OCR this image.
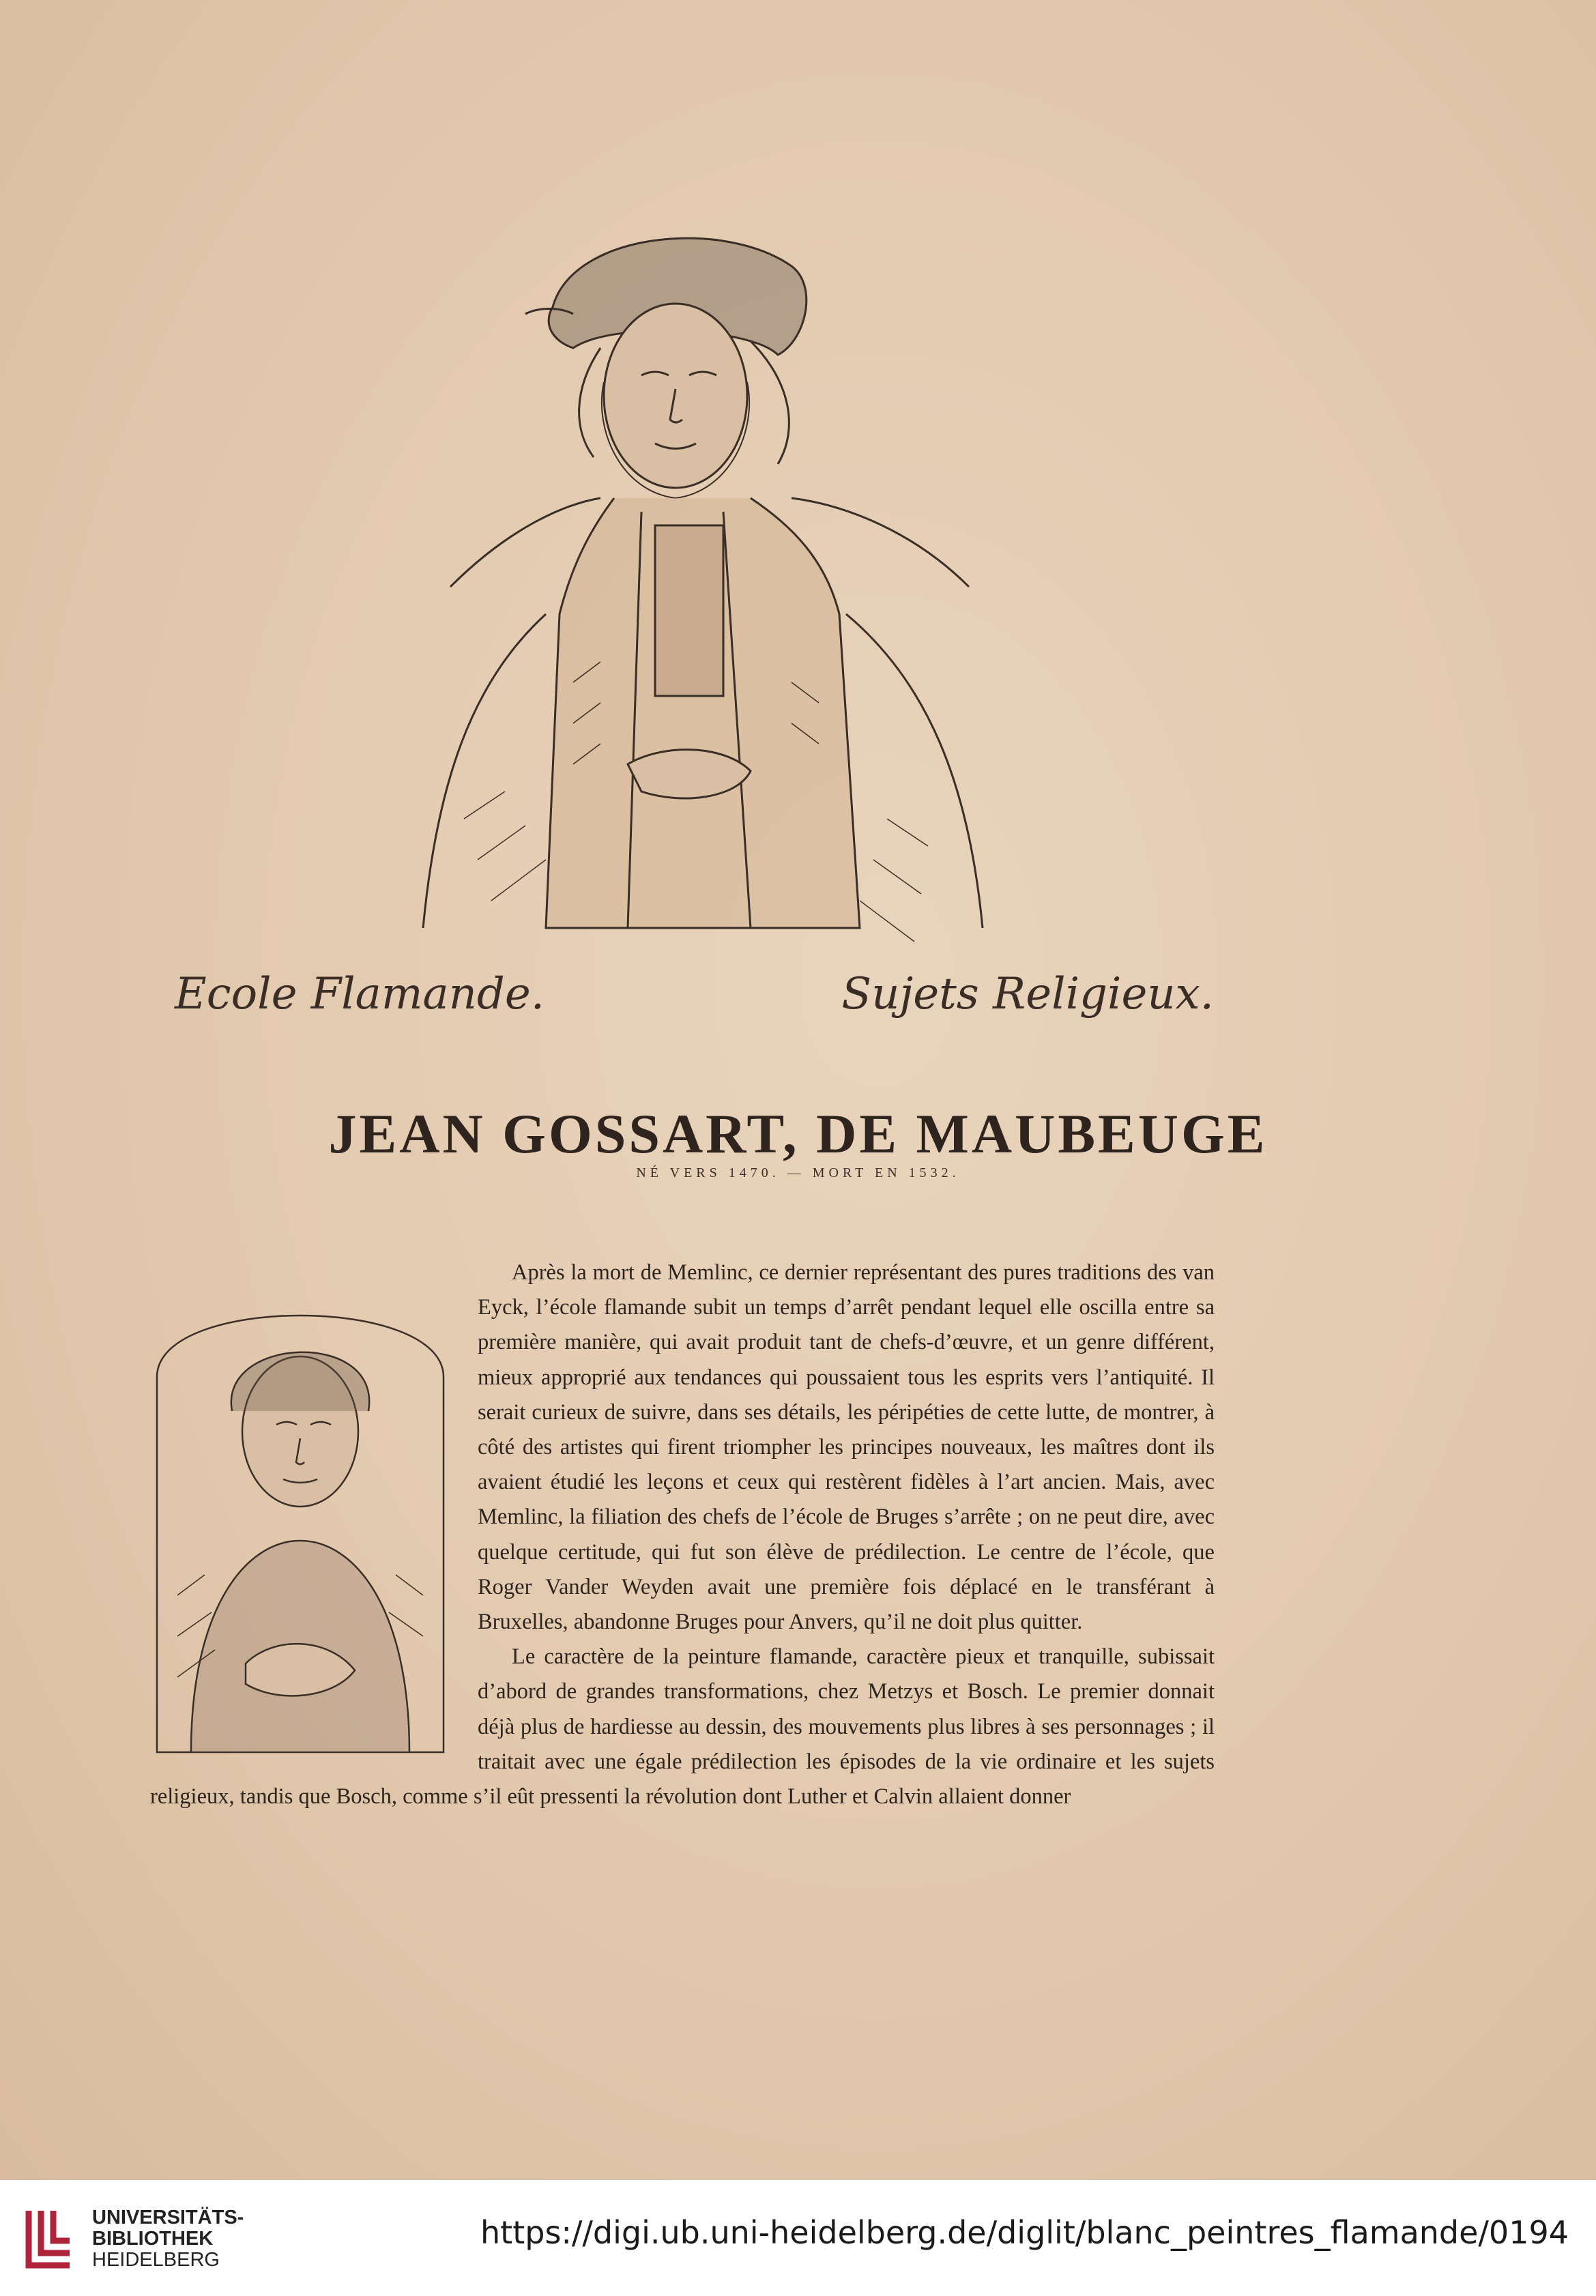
Ecole Flamande.	Sujets Religieux.
JEAN GOSSART, DE MAUBEUGE
NÉ VERS 1470. — MORT EN 1532.

Après la mort de Memlinc, ce dernier représentant des pures traditions des van Eyck, l’école flamande subit un temps d’arrêt pendant lequel elle oscilla entre sa première manière, qui avait produit tant de chefs-d’œuvre, et un genre différent, mieux approprié aux tendances qui poussaient tous les esprits vers l’antiquité. Il serait curieux de suivre, dans ses détails, les péripéties de cette lutte, de montrer, à côté des artistes qui firent triompher les principes nouveaux, les maîtres dont ils avaient étudié les leçons et ceux qui restèrent fidèles à l’art ancien. Mais, avec Memlinc, la filiation des chefs de l’école de Bruges s’arrête ; on ne peut dire, avec quelque certitude, qui fut son élève de prédilection. Le centre de l’école, que Roger Vander Weyden avait une première fois déplacé en le transférant à Bruxelles, abandonne Bruges pour Anvers, qu’il ne doit plus quitter.

Le caractère de la peinture flamande, caractère pieux et tranquille, subissait d’abord de grandes transformations, chez Metzys et Bosch. Le premier donnait déjà plus de hardiesse au dessin, des mouvements plus libres à ses personnages ; il traitait avec une égale prédilection les épisodes de la vie ordinaire et les sujets religieux, tandis que Bosch, comme s’il eût pressenti la révolution dont Luther et Calvin allaient donner

UNIVERSITÄTS-
BIBLIOTHEK
HEIDELBERG
https://digi.ub.uni-heidelberg.de/diglit/blanc_peintres_flamande/0194
